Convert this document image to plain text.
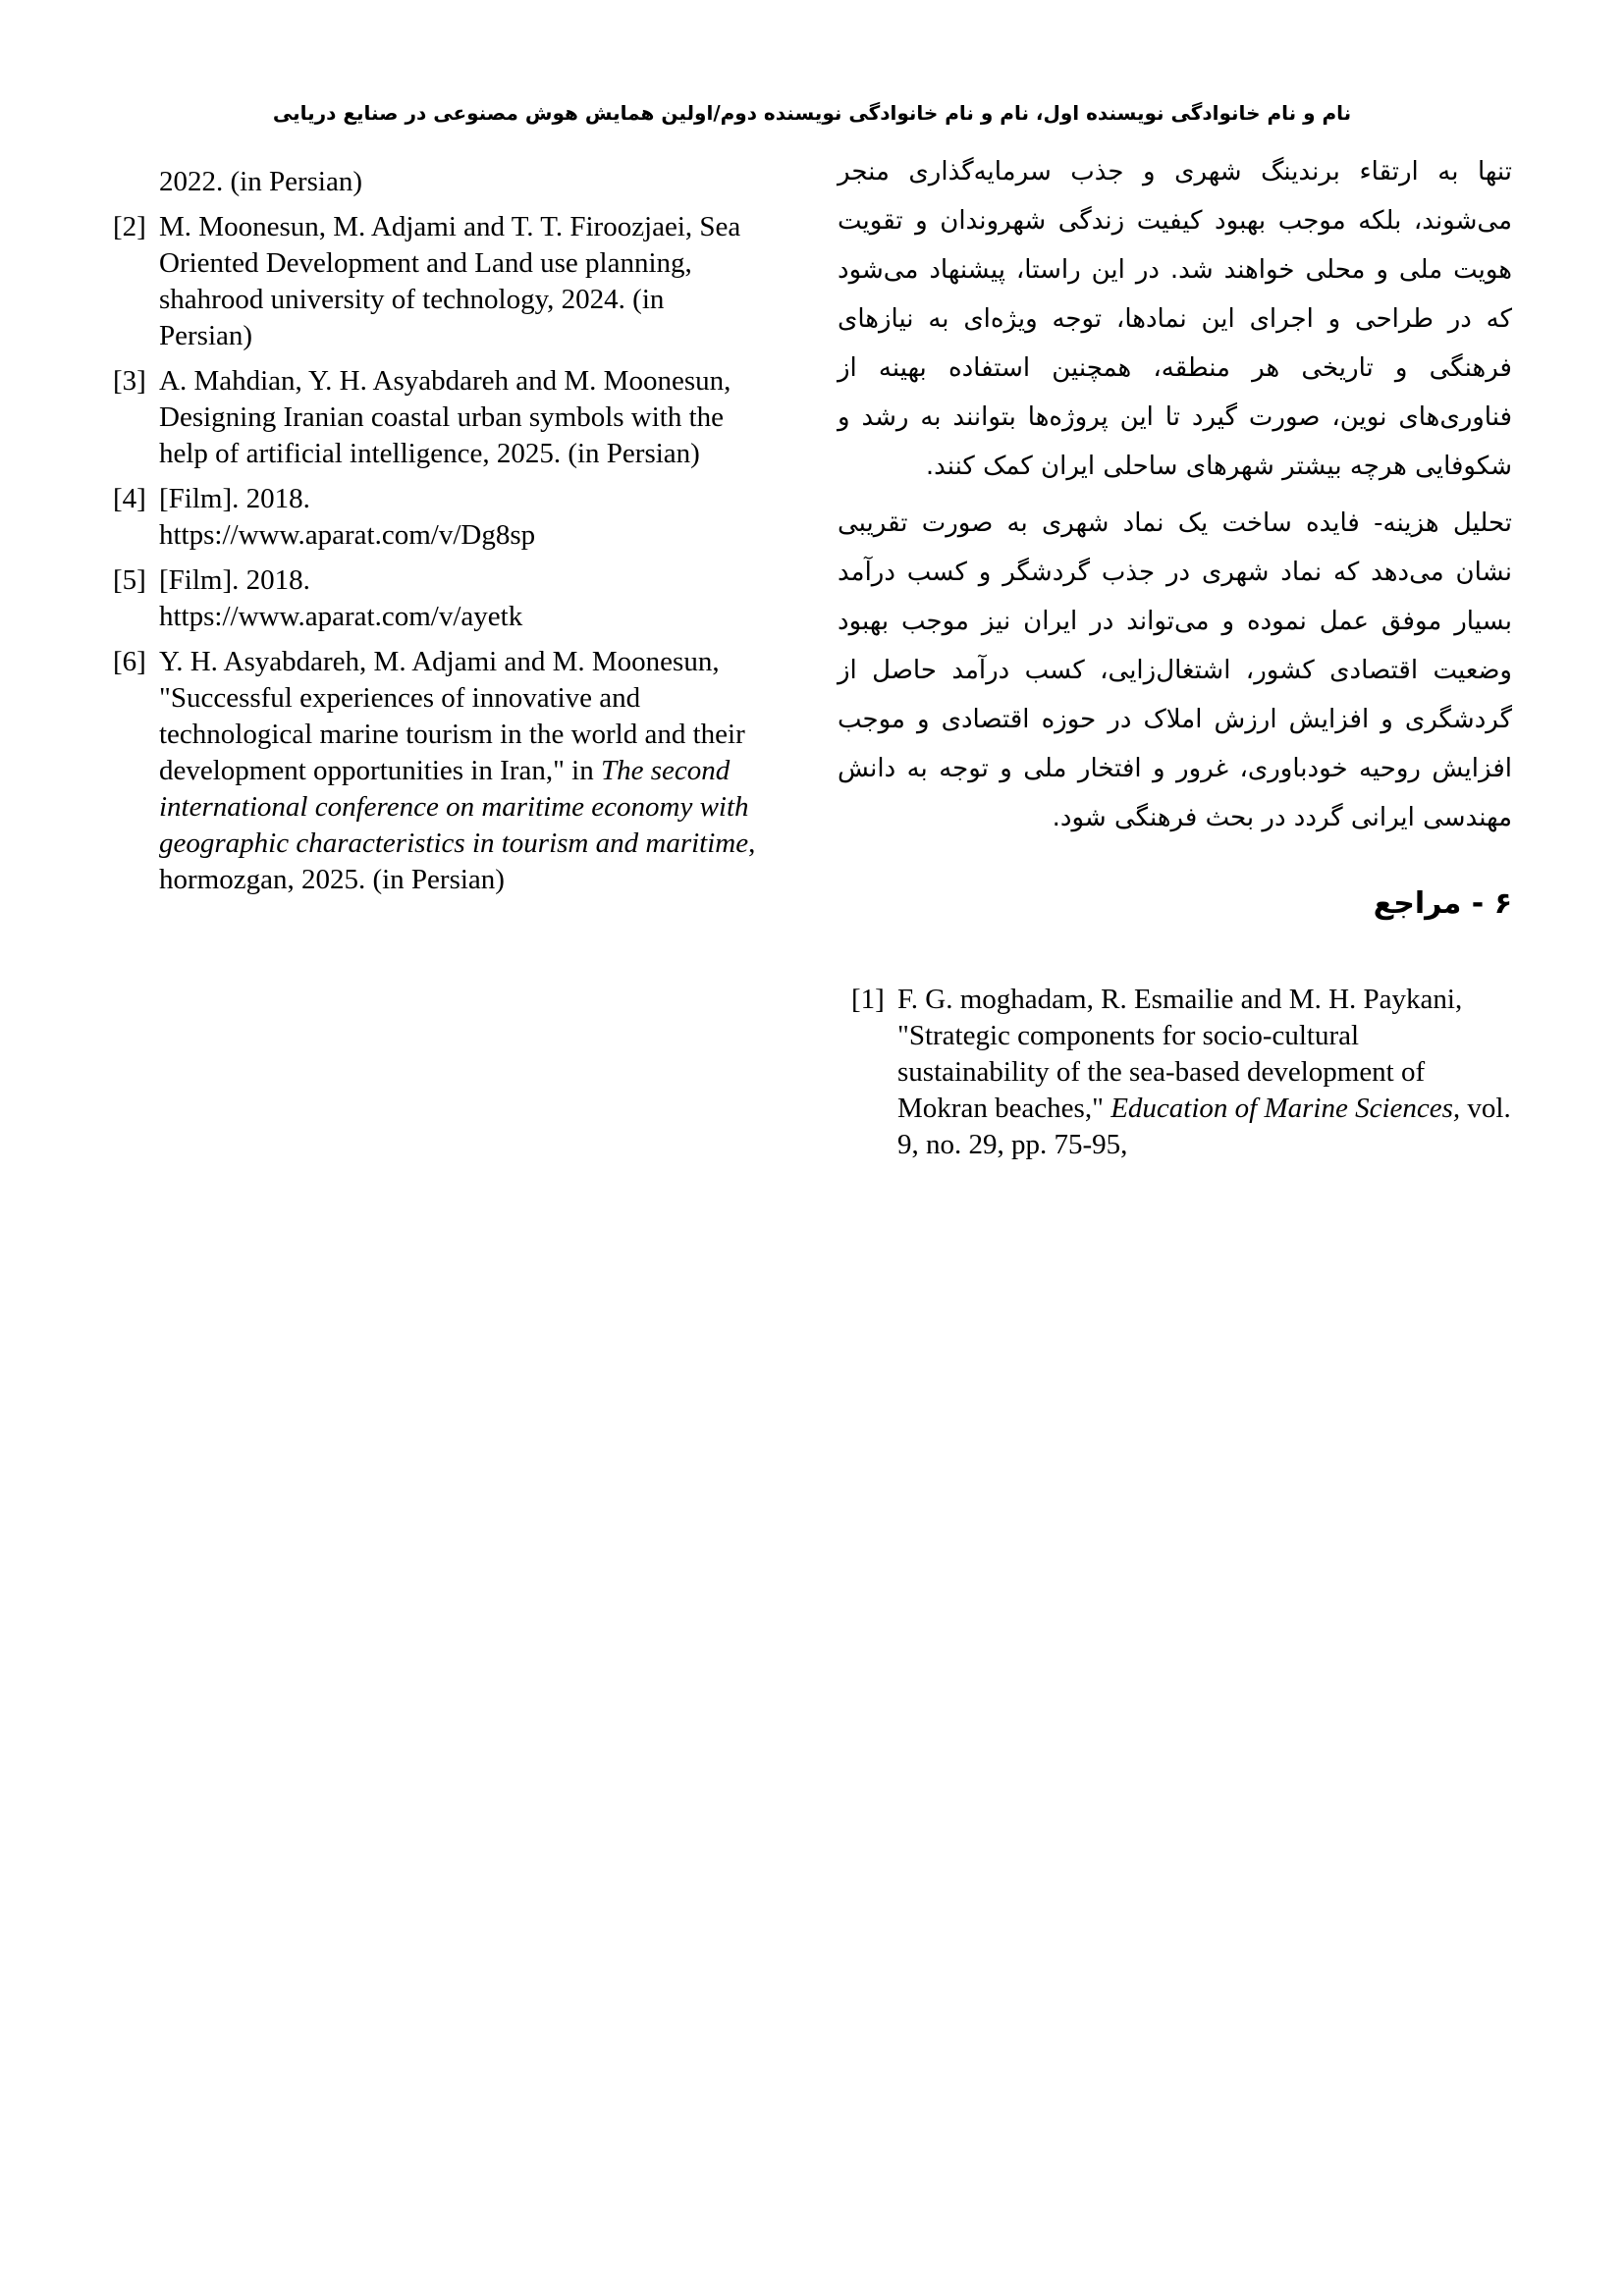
نام و نام خانوادگی نویسنده اول، نام و نام خانوادگی نویسنده دوم/اولین همایش هوش مصنوعی در صنایع دریایی
2022. (in Persian)
[2] M. Moonesun, M. Adjami and T. T. Firoozjaei, Sea Oriented Development and Land use planning, shahrood university of technology, 2024. (in Persian)
[3] A. Mahdian, Y. H. Asyabdareh and M. Moonesun, Designing Iranian coastal urban symbols with the help of artificial intelligence, 2025. (in Persian)
[4] [Film]. 2018.
https://www.aparat.com/v/Dg8sp
[5] [Film]. 2018.
https://www.aparat.com/v/ayetk
[6] Y. H. Asyabdareh, M. Adjami and M. Moonesun, "Successful experiences of innovative and technological marine tourism in the world and their development opportunities in Iran," in The second international conference on maritime economy with geographic characteristics in tourism and maritime, hormozgan, 2025. (in Persian)

تنها به ارتقاء برندینگ شهری و جذب سرمایه‌گذاری منجر می‌شوند، بلکه موجب بهبود کیفیت زندگی شهروندان و تقویت هویت ملی و محلی خواهند شد. در این راستا، پیشنهاد می‌شود که در طراحی و اجرای این نمادها، توجه ویژه‌ای به نیازهای فرهنگی و تاریخی هر منطقه، همچنین استفاده بهینه از فناوری‌های نوین، صورت گیرد تا این پروژه‌ها بتوانند به رشد و شکوفایی هرچه بیشتر شهرهای ساحلی ایران کمک کنند.

تحلیل هزینه- فایده ساخت یک نماد شهری به صورت تقریبی نشان می‌دهد که نماد شهری در جذب گردشگر و کسب درآمد بسیار موفق عمل نموده و می‌تواند در ایران نیز موجب بهبود وضعیت اقتصادی کشور، اشتغال‌زایی، کسب درآمد حاصل از گردشگری و افزایش ارزش املاک در حوزه اقتصادی و موجب افزایش روحیه خودباوری، غرور و افتخار ملی و توجه به دانش مهندسی ایرانی گردد در بحث فرهنگی شود.

۶ - مراجع
[1] F. G. moghadam, R. Esmailie and M. H. Paykani, "Strategic components for socio-cultural sustainability of the sea-based development of Mokran beaches," Education of Marine Sciences, vol. 9, no. 29, pp. 75-95,
